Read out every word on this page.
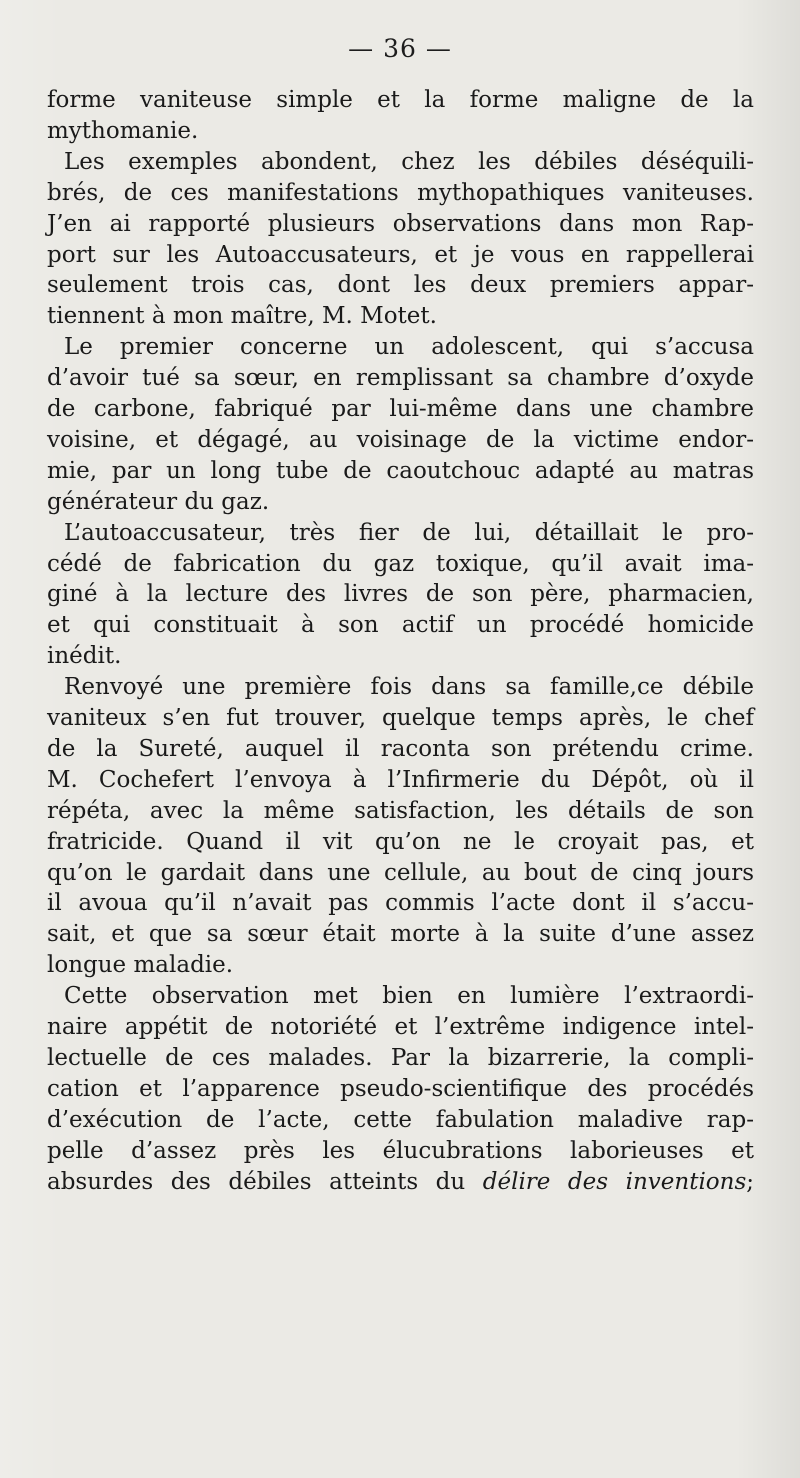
— 36 —
forme vaniteuse simple et la forme maligne de la
mythomanie.
Les exemples abondent, chez les débiles déséquili-
brés, de ces manifestations mythopathiques vaniteuses.
J’en ai rapporté plusieurs observations dans mon Rap-
port sur les Autoaccusateurs, et je vous en rappellerai
seulement trois cas, dont les deux premiers appar-
tiennent à mon maître, M. Motet.
Le premier concerne un adolescent, qui s’accusa
d’avoir tué sa sœur, en remplissant sa chambre d’oxyde
de carbone, fabriqué par lui-même dans une chambre
voisine, et dégagé, au voisinage de la victime endor-
mie, par un long tube de caoutchouc adapté au matras
générateur du gaz.
L’autoaccusateur, très fier de lui, détaillait le pro-
cédé de fabrication du gaz toxique, qu’il avait ima-
giné à la lecture des livres de son père, pharmacien,
et qui constituait à son actif un procédé homicide
inédit.
Renvoyé une première fois dans sa famille,ce débile
vaniteux s’en fut trouver, quelque temps après, le chef
de la Sureté, auquel il raconta son prétendu crime.
M. Cochefert l’envoya à l’Infirmerie du Dépôt, où il
répéta, avec la même satisfaction, les détails de son
fratricide. Quand il vit qu’on ne le croyait pas, et
qu’on le gardait dans une cellule, au bout de cinq jours
il avoua qu’il n’avait pas commis l’acte dont il s’accu-
sait, et que sa sœur était morte à la suite d’une assez
longue maladie.
Cette observation met bien en lumière l’extraordi-
naire appétit de notoriété et l’extrême indigence intel-
lectuelle de ces malades. Par la bizarrerie, la compli-
cation et l’apparence pseudo-scientifique des procédés
d’exécution de l’acte, cette fabulation maladive rap-
pelle d’assez près les élucubrations laborieuses et
absurdes des débiles atteints du délire des inventions;
